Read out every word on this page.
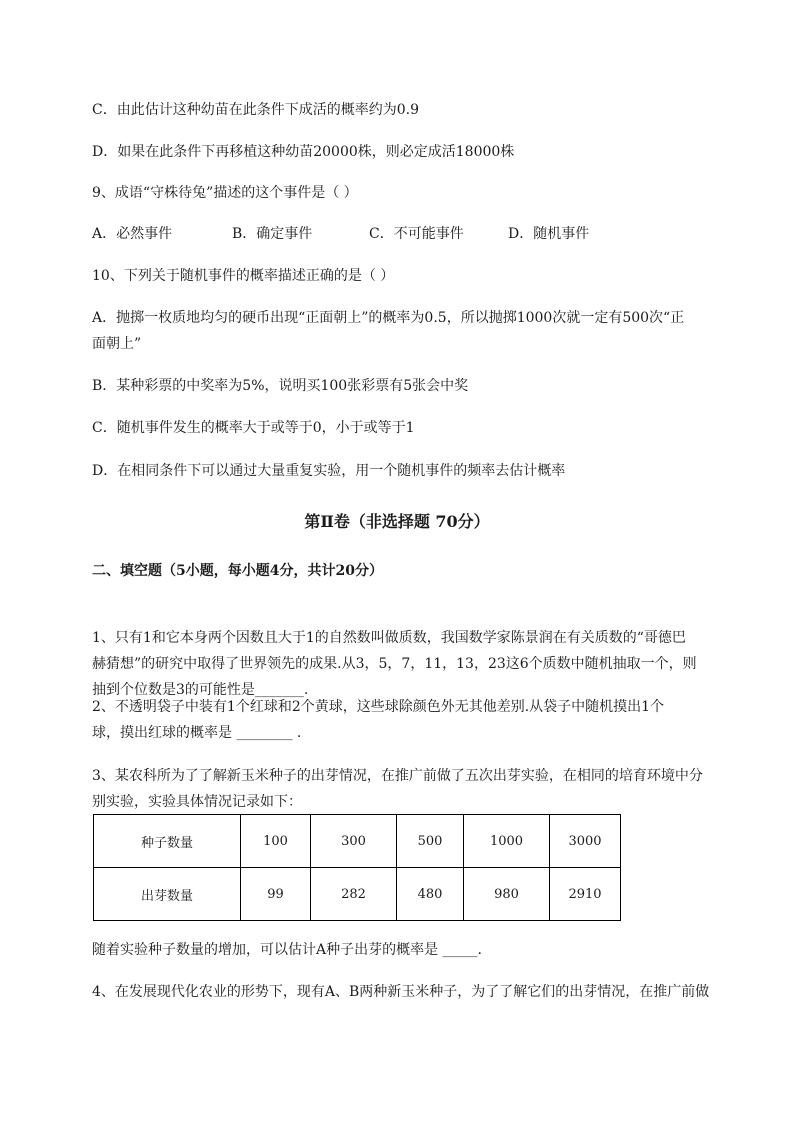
C．由此估计这种幼苗在此条件下成活的概率约为0.9
D．如果在此条件下再移植这种幼苗20000株，则必定成活18000株
9、成语“守株待兔”描述的这个事件是（ ）
A．必然事件	B．确定事件	C．不可能事件	D．随机事件
10、下列关于随机事件的概率描述正确的是（ ）
A．抛掷一枚质地均匀的硬币出现“正面朝上”的概率为0.5，所以抛掷1000次就一定有500次“正
面朝上”
B．某种彩票的中奖率为5%，说明买100张彩票有5张会中奖
C．随机事件发生的概率大于或等于0，小于或等于1
D．在相同条件下可以通过大量重复实验，用一个随机事件的频率去估计概率
第Ⅱ卷（非选择题 70分）
二、填空题（5小题，每小题4分，共计20分）
1、只有1和它本身两个因数且大于1的自然数叫做质数，我国数学家陈景润在有关质数的“哥德巴
赫猜想”的研究中取得了世界领先的成果.从3，5，7，11，13，23这6个质数中随机抽取一个，则
抽到个位数是3的可能性是_______.
2、不透明袋子中装有1个红球和2个黄球，这些球除颜色外无其他差别.从袋子中随机摸出1个
球，摸出红球的概率是 ________ .
3、某农科所为了了解新玉米种子的出芽情况，在推广前做了五次出芽实验，在相同的培育环境中分
别实验，实验具体情况记录如下：
种子数量	100	300	500	1000	3000
出芽数量	99	282	480	980	2910
随着实验种子数量的增加，可以估计A种子出芽的概率是 _____.
4、在发展现代化农业的形势下，现有A、B两种新玉米种子，为了了解它们的出芽情况，在推广前做
